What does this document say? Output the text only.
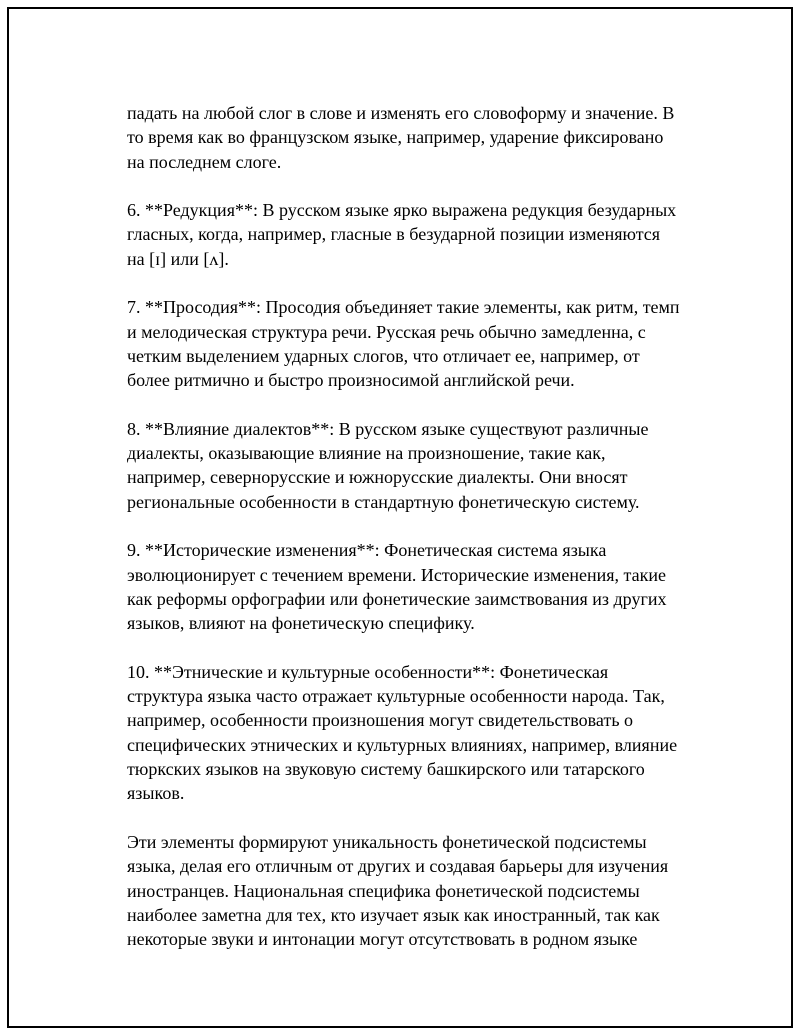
падать на любой слог в слове и изменять его словоформу и значение. В
то время как во французском языке, например, ударение фиксировано
на последнем слоге.

6. **Редукция**: В русском языке ярко выражена редукция безударных
гласных, когда, например, гласные в безударной позиции изменяются
на [ɪ] или [ʌ].

7. **Просодия**: Просодия объединяет такие элементы, как ритм, темп
и мелодическая структура речи. Русская речь обычно замедленна, с
четким выделением ударных слогов, что отличает ее, например, от
более ритмично и быстро произносимой английской речи.

8. **Влияние диалектов**: В русском языке существуют различные
диалекты, оказывающие влияние на произношение, такие как,
например, севернорусские и южнорусские диалекты. Они вносят
региональные особенности в стандартную фонетическую систему.

9. **Исторические изменения**: Фонетическая система языка
эволюционирует с течением времени. Исторические изменения, такие
как реформы орфографии или фонетические заимствования из других
языков, влияют на фонетическую специфику.

10. **Этнические и культурные особенности**: Фонетическая
структура языка часто отражает культурные особенности народа. Так,
например, особенности произношения могут свидетельствовать о
специфических этнических и культурных влияниях, например, влияние
тюркских языков на звуковую систему башкирского или татарского
языков.

Эти элементы формируют уникальность фонетической подсистемы
языка, делая его отличным от других и создавая барьеры для изучения
иностранцев. Национальная специфика фонетической подсистемы
наиболее заметна для тех, кто изучает язык как иностранный, так как
некоторые звуки и интонации могут отсутствовать в родном языке
